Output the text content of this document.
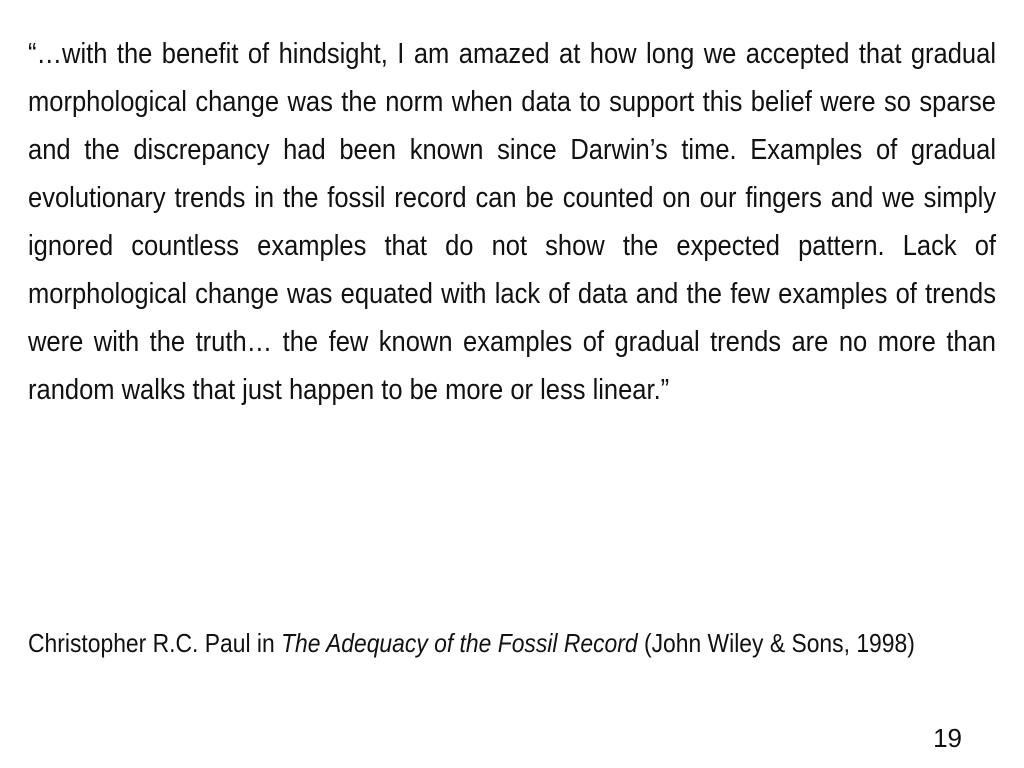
“…with the benefit of hindsight, I am amazed at how long we accepted that gradual morphological change was the norm when data to support this belief were so sparse and the discrepancy had been known since Darwin’s time. Examples of gradual evolutionary trends in the fossil record can be counted on our fingers and we simply ignored countless examples that do not show the expected pattern. Lack of morphological change was equated with lack of data and the few examples of trends were with the truth… the few known examples of gradual trends are no more than random walks that just happen to be more or less linear.”

Christopher R.C. Paul in The Adequacy of the Fossil Record (John Wiley & Sons, 1998)

19
